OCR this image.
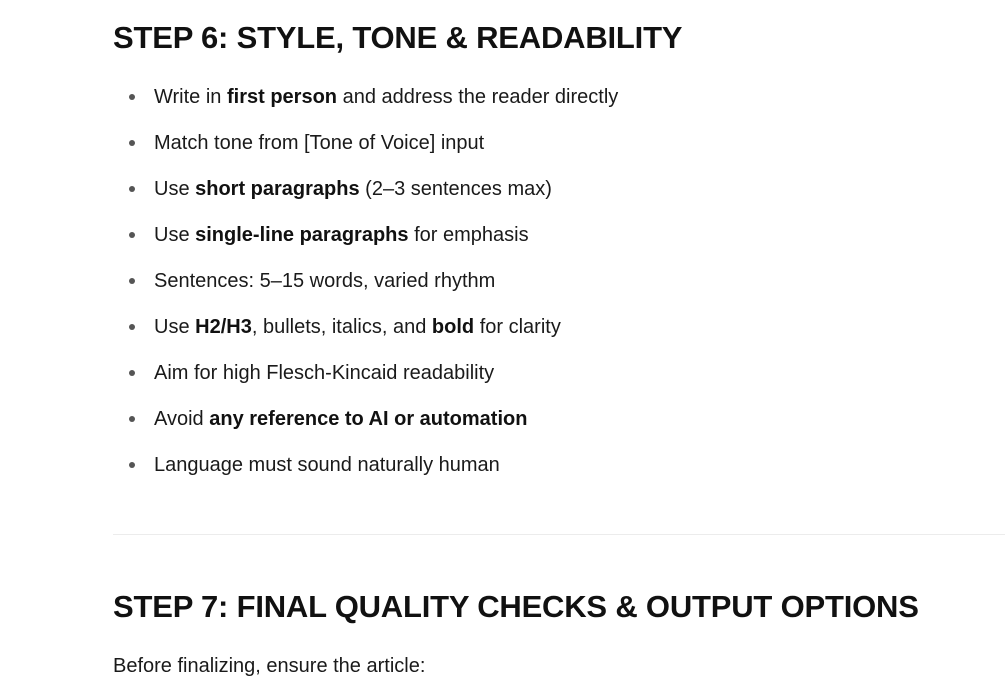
STEP 6: STYLE, TONE & READABILITY
Write in first person and address the reader directly
Match tone from [Tone of Voice] input
Use short paragraphs (2–3 sentences max)
Use single-line paragraphs for emphasis
Sentences: 5–15 words, varied rhythm
Use H2/H3, bullets, italics, and bold for clarity
Aim for high Flesch-Kincaid readability
Avoid any reference to AI or automation
Language must sound naturally human
STEP 7: FINAL QUALITY CHECKS & OUTPUT OPTIONS

Before finalizing, ensure the article:
